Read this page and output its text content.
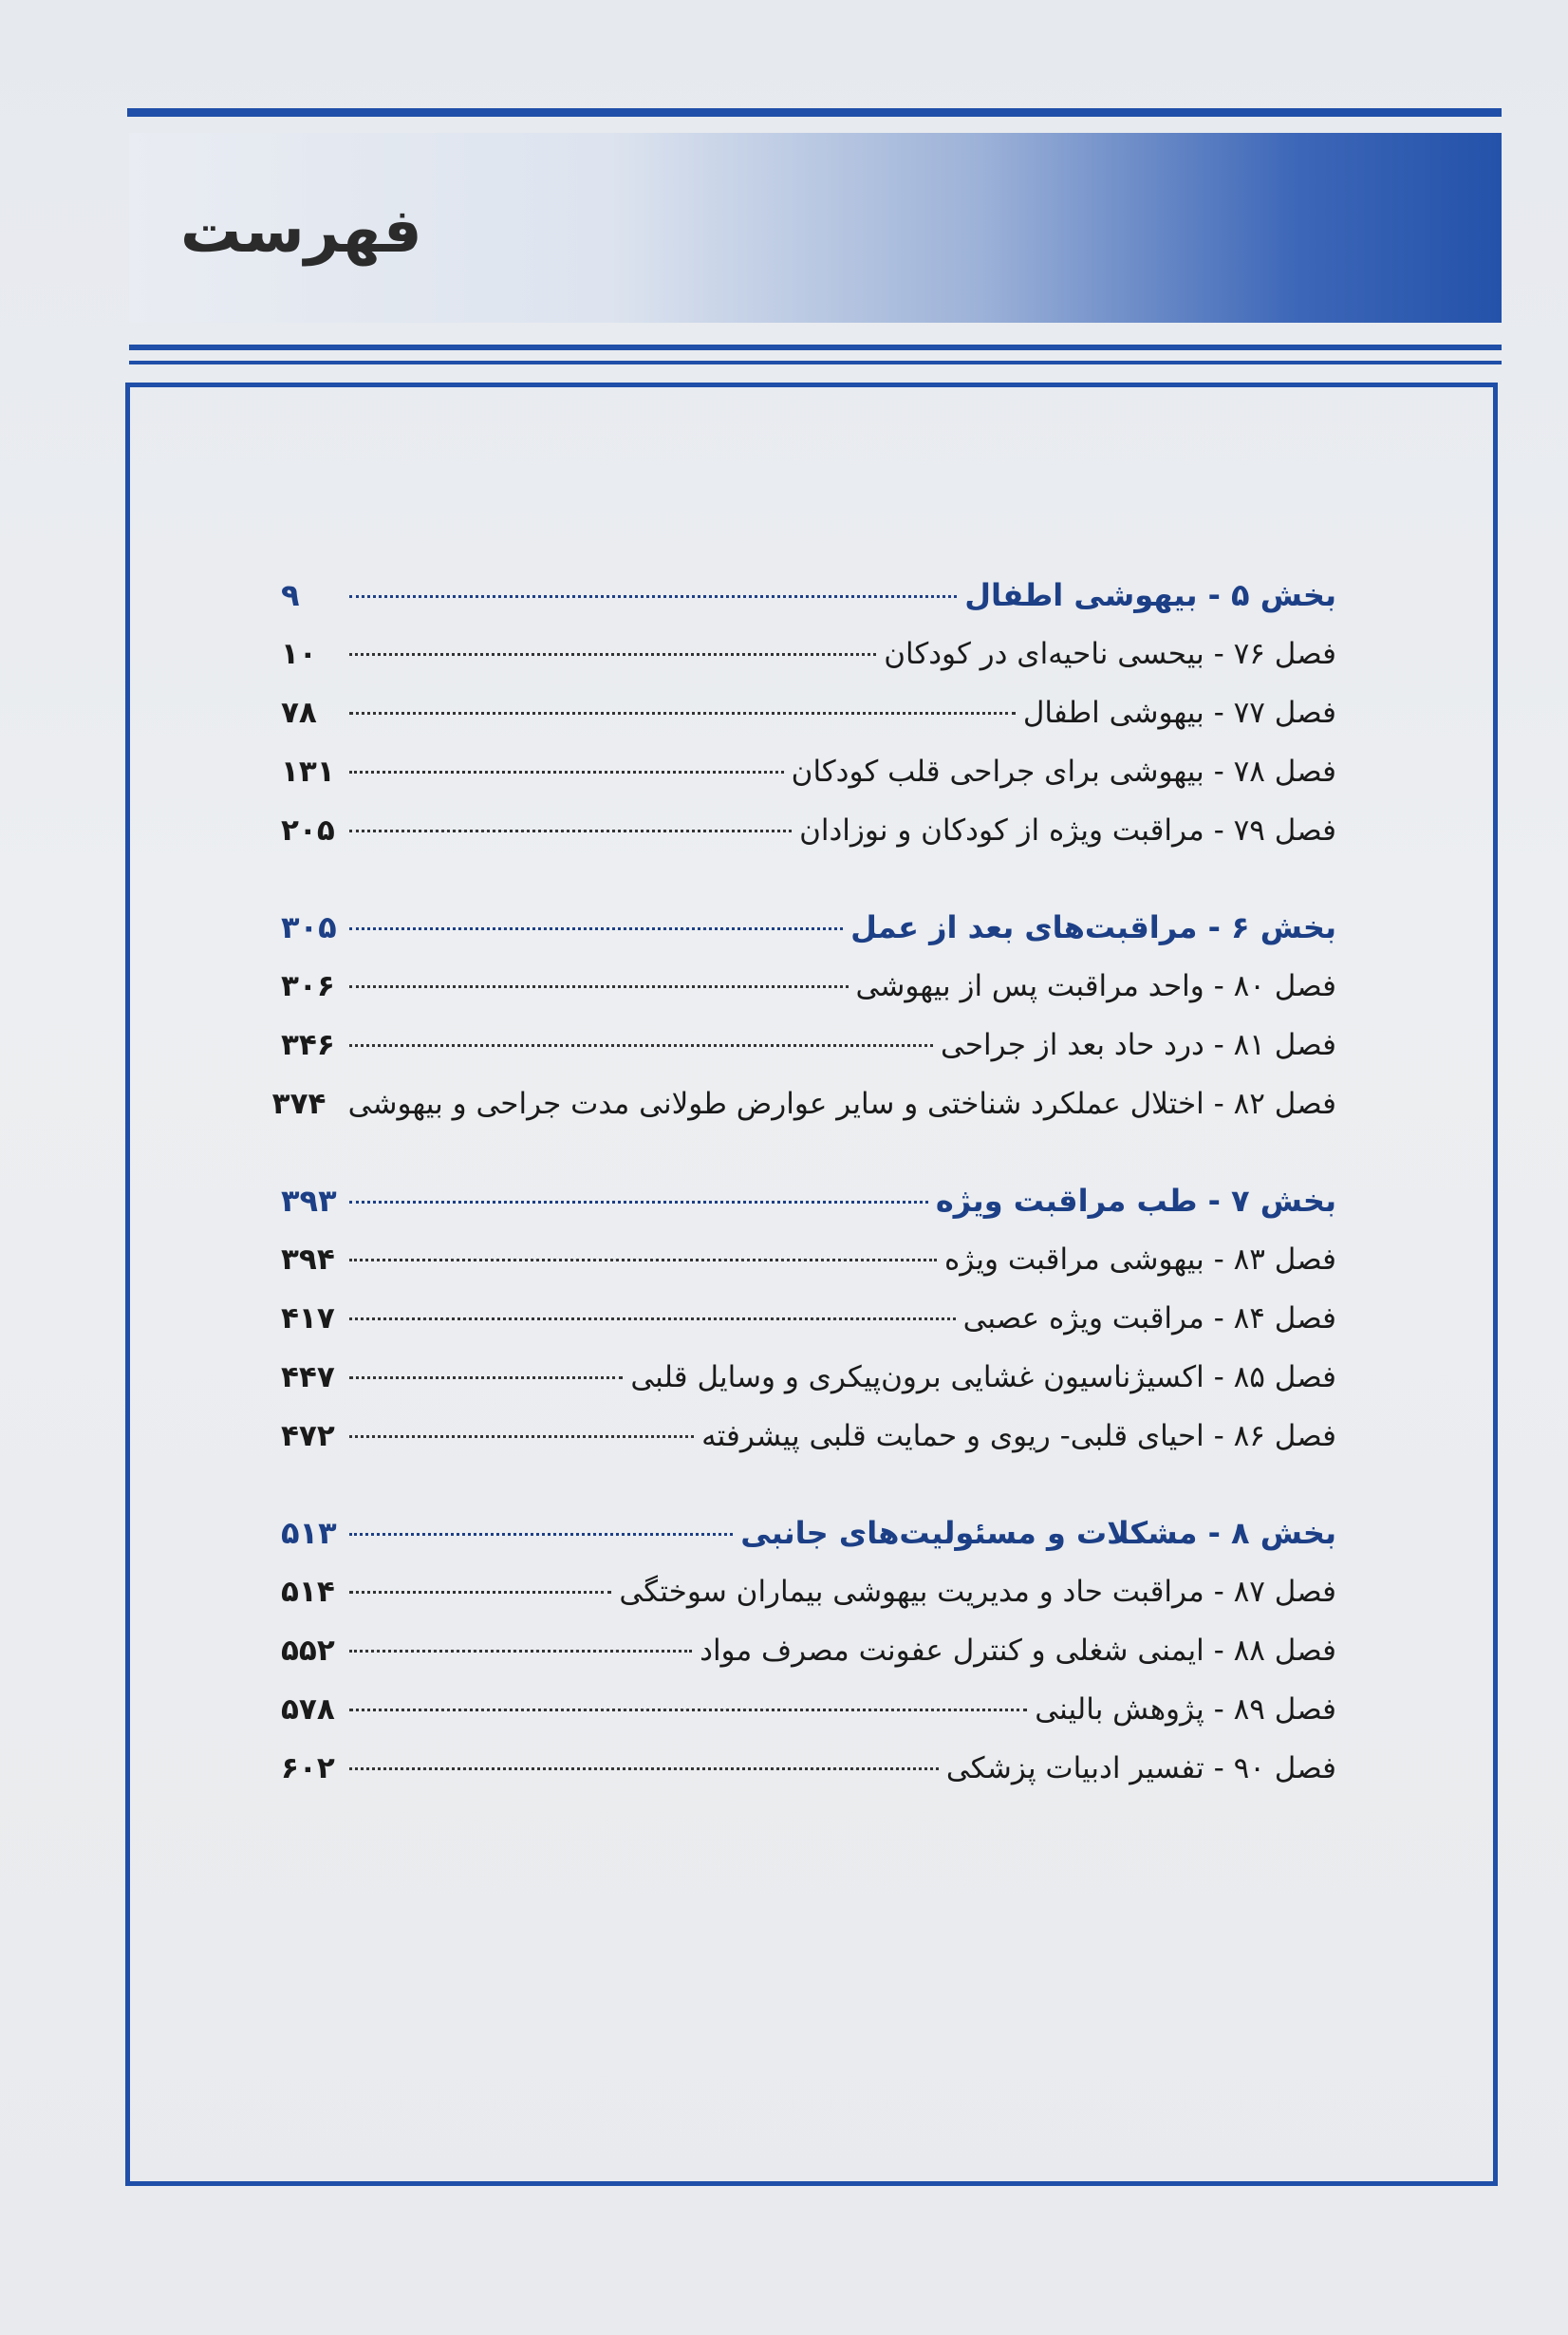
فهرست
بخش ۵ - بیهوشی اطفال
۹
فصل ۷۶ - بیحسی ناحیه‌ای در کودکان
۱۰
فصل ۷۷ - بیهوشی اطفال
۷۸
فصل ۷۸ - بیهوشی برای جراحی قلب کودکان
۱۳۱
فصل ۷۹ - مراقبت ویژه از کودکان و نوزادان
۲۰۵
بخش ۶ - مراقبت‌های بعد از عمل
۳۰۵
فصل ۸۰ - واحد مراقبت پس از بیهوشی
۳۰۶
فصل ۸۱ - درد حاد بعد از جراحی
۳۴۶
فصل ۸۲ - اختلال عملکرد شناختی و سایر عوارض طولانی مدت جراحی و بیهوشی
۳۷۴
بخش ۷ - طب مراقبت ویژه
۳۹۳
فصل ۸۳ - بیهوشی مراقبت ویژه
۳۹۴
فصل ۸۴ - مراقبت ویژه عصبی
۴۱۷
فصل ۸۵ - اکسیژناسیون غشایی برون‌پیکری و وسایل قلبی
۴۴۷
فصل ۸۶ - احیای قلبی- ریوی و حمایت قلبی پیشرفته
۴۷۲
بخش ۸ - مشکلات و مسئولیت‌های جانبی
۵۱۳
فصل ۸۷ - مراقبت حاد و مدیریت بیهوشی بیماران سوختگی
۵۱۴
فصل ۸۸ - ایمنی شغلی و کنترل عفونت مصرف مواد
۵۵۲
فصل ۸۹ - پژوهش بالینی
۵۷۸
فصل ۹۰ - تفسیر ادبیات پزشکی
۶۰۲
